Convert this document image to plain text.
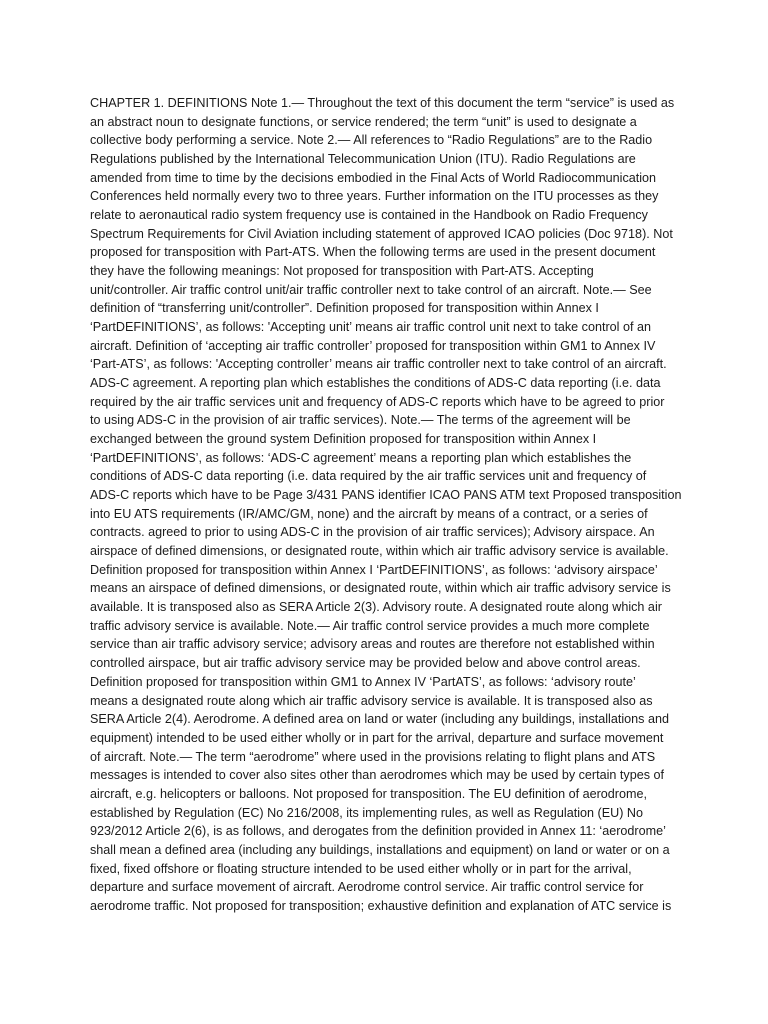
CHAPTER 1. DEFINITIONS Note 1.— Throughout the text of this document the term “service” is used as
an abstract noun to designate functions, or service rendered; the term “unit” is used to designate a
collective body performing a service. Note 2.— All references to “Radio Regulations” are to the Radio
Regulations published by the International Telecommunication Union (ITU). Radio Regulations are
amended from time to time by the decisions embodied in the Final Acts of World Radiocommunication
Conferences held normally every two to three years. Further information on the ITU processes as they
relate to aeronautical radio system frequency use is contained in the Handbook on Radio Frequency
Spectrum Requirements for Civil Aviation including statement of approved ICAO policies (Doc 9718). Not
proposed for transposition with Part-ATS. When the following terms are used in the present document
they have the following meanings: Not proposed for transposition with Part-ATS. Accepting
unit/controller. Air traffic control unit/air traffic controller next to take control of an aircraft. Note.— See
definition of “transferring unit/controller”. Definition proposed for transposition within Annex I
‘PartDEFINITIONS’, as follows: 'Accepting unit’ means air traffic control unit next to take control of an
aircraft. Definition of ‘accepting air traffic controller’ proposed for transposition within GM1 to Annex IV
‘Part-ATS’, as follows: 'Accepting controller’ means air traffic controller next to take control of an aircraft.
ADS-C agreement. A reporting plan which establishes the conditions of ADS-C data reporting (i.e. data
required by the air traffic services unit and frequency of ADS-C reports which have to be agreed to prior
to using ADS-C in the provision of air traffic services). Note.— The terms of the agreement will be
exchanged between the ground system Definition proposed for transposition within Annex I
‘PartDEFINITIONS’, as follows: ‘ADS-C agreement’ means a reporting plan which establishes the
conditions of ADS-C data reporting (i.e. data required by the air traffic services unit and frequency of
ADS-C reports which have to be Page 3/431 PANS identifier ICAO PANS ATM text Proposed transposition
into EU ATS requirements (IR/AMC/GM, none) and the aircraft by means of a contract, or a series of
contracts. agreed to prior to using ADS-C in the provision of air traffic services); Advisory airspace. An
airspace of defined dimensions, or designated route, within which air traffic advisory service is available.
Definition proposed for transposition within Annex I ‘PartDEFINITIONS’, as follows: ‘advisory airspace’
means an airspace of defined dimensions, or designated route, within which air traffic advisory service is
available. It is transposed also as SERA Article 2(3). Advisory route. A designated route along which air
traffic advisory service is available. Note.— Air traffic control service provides a much more complete
service than air traffic advisory service; advisory areas and routes are therefore not established within
controlled airspace, but air traffic advisory service may be provided below and above control areas.
Definition proposed for transposition within GM1 to Annex IV ‘PartATS’, as follows: ‘advisory route’
means a designated route along which air traffic advisory service is available. It is transposed also as
SERA Article 2(4). Aerodrome. A defined area on land or water (including any buildings, installations and
equipment) intended to be used either wholly or in part for the arrival, departure and surface movement
of aircraft. Note.— The term “aerodrome” where used in the provisions relating to flight plans and ATS
messages is intended to cover also sites other than aerodromes which may be used by certain types of
aircraft, e.g. helicopters or balloons. Not proposed for transposition. The EU definition of aerodrome,
established by Regulation (EC) No 216/2008, its implementing rules, as well as Regulation (EU) No
923/2012 Article 2(6), is as follows, and derogates from the definition provided in Annex 11: ‘aerodrome’
shall mean a defined area (including any buildings, installations and equipment) on land or water or on a
fixed, fixed offshore or floating structure intended to be used either wholly or in part for the arrival,
departure and surface movement of aircraft. Aerodrome control service. Air traffic control service for
aerodrome traffic. Not proposed for transposition; exhaustive definition and explanation of ATC service is
